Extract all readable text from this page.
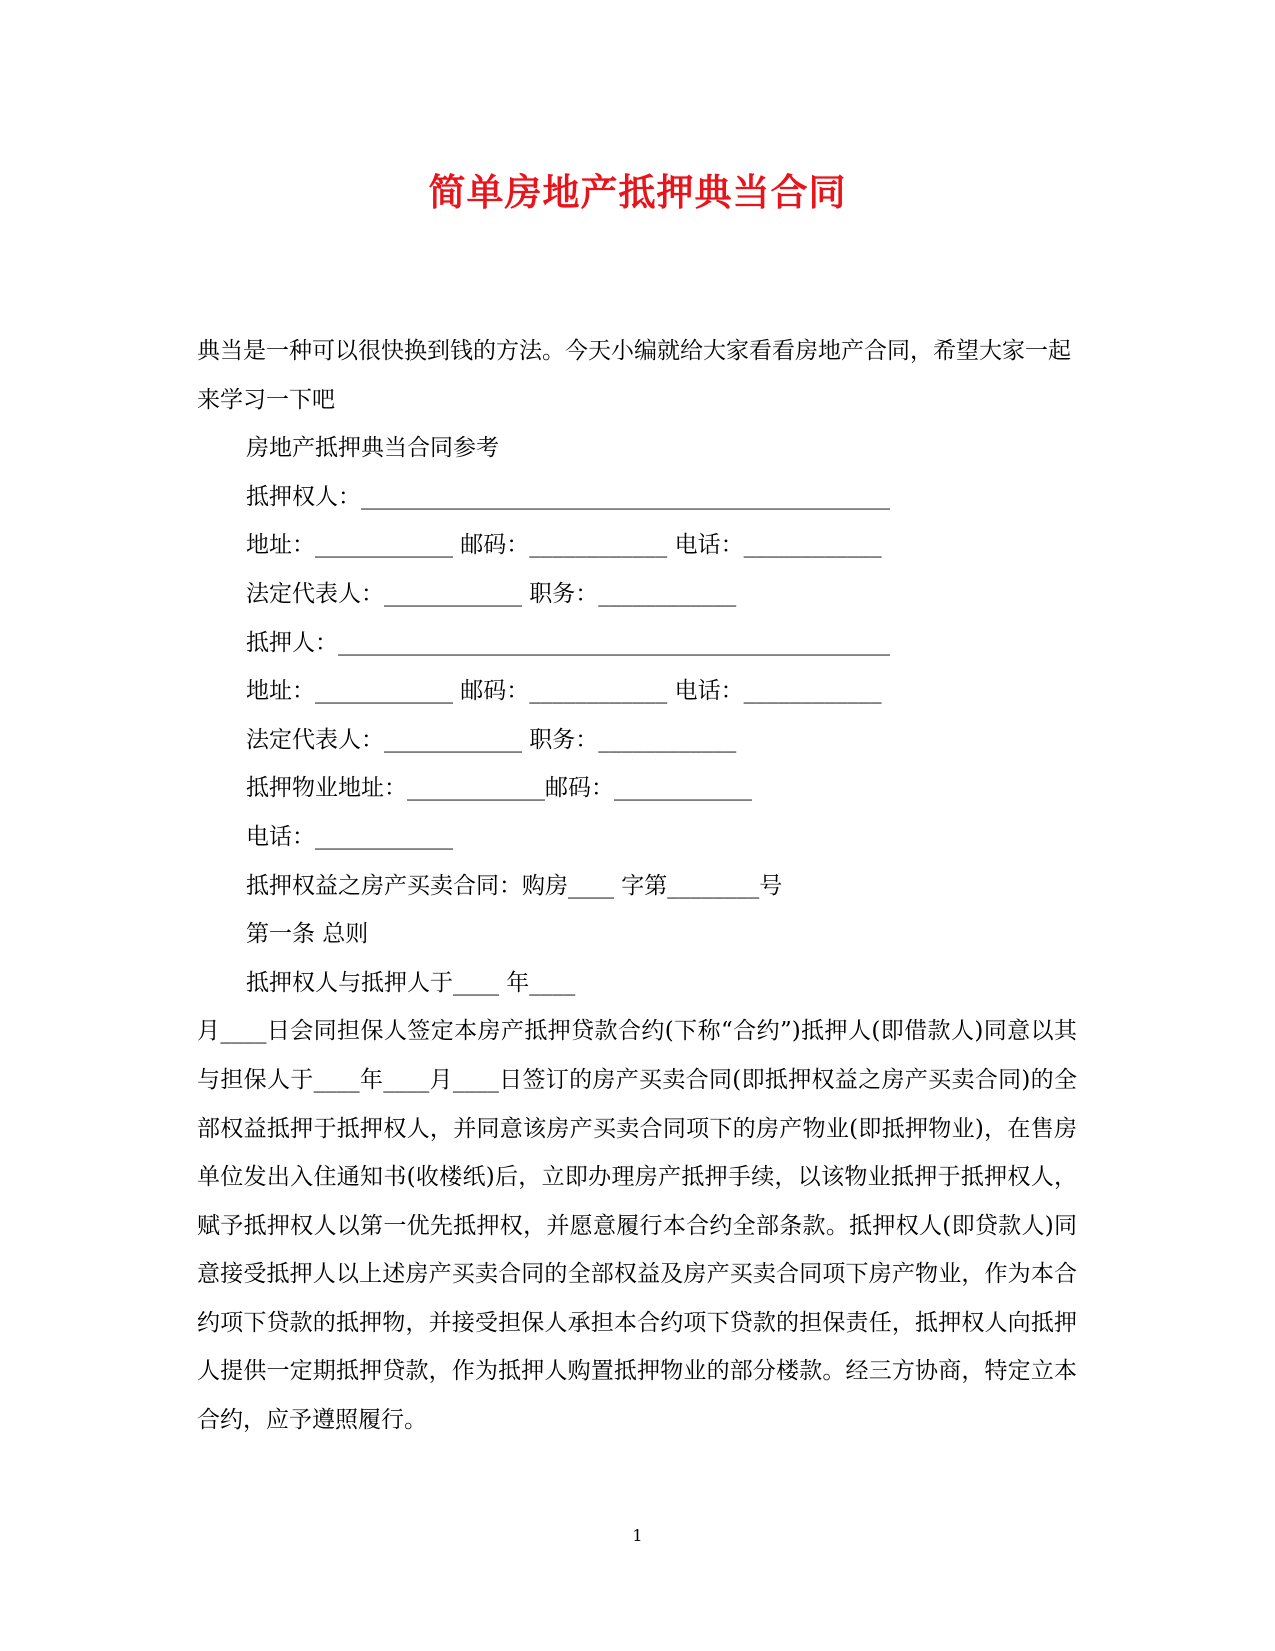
简单房地产抵押典当合同

典当是一种可以很快换到钱的方法。今天小编就给大家看看房地产合同，希望大家一起来学习一下吧

房地产抵押典当合同参考

抵押权人：______________________________________________

地址：____________ 邮码：____________ 电话：____________

法定代表人：____________ 职务：____________

抵押人：________________________________________________

地址：____________ 邮码：____________ 电话：____________

法定代表人：____________ 职务：____________

抵押物业地址：____________邮码：____________

电话：____________

抵押权益之房产买卖合同：购房____ 字第________号

第一条 总则

抵押权人与抵押人于____ 年____

月____日会同担保人签定本房产抵押贷款合约(下称“合约”)抵押人(即借款人)同意以其与担保人于____年____月____日签订的房产买卖合同(即抵押权益之房产买卖合同)的全部权益抵押于抵押权人，并同意该房产买卖合同项下的房产物业(即抵押物业)，在售房单位发出入住通知书(收楼纸)后，立即办理房产抵押手续，以该物业抵押于抵押权人，赋予抵押权人以第一优先抵押权，并愿意履行本合约全部条款。抵押权人(即贷款人)同意接受抵押人以上述房产买卖合同的全部权益及房产买卖合同项下房产物业，作为本合约项下贷款的抵押物，并接受担保人承担本合约项下贷款的担保责任，抵押权人向抵押人提供一定期抵押贷款，作为抵押人购置抵押物业的部分楼款。经三方协商，特定立本合约，应予遵照履行。

1
